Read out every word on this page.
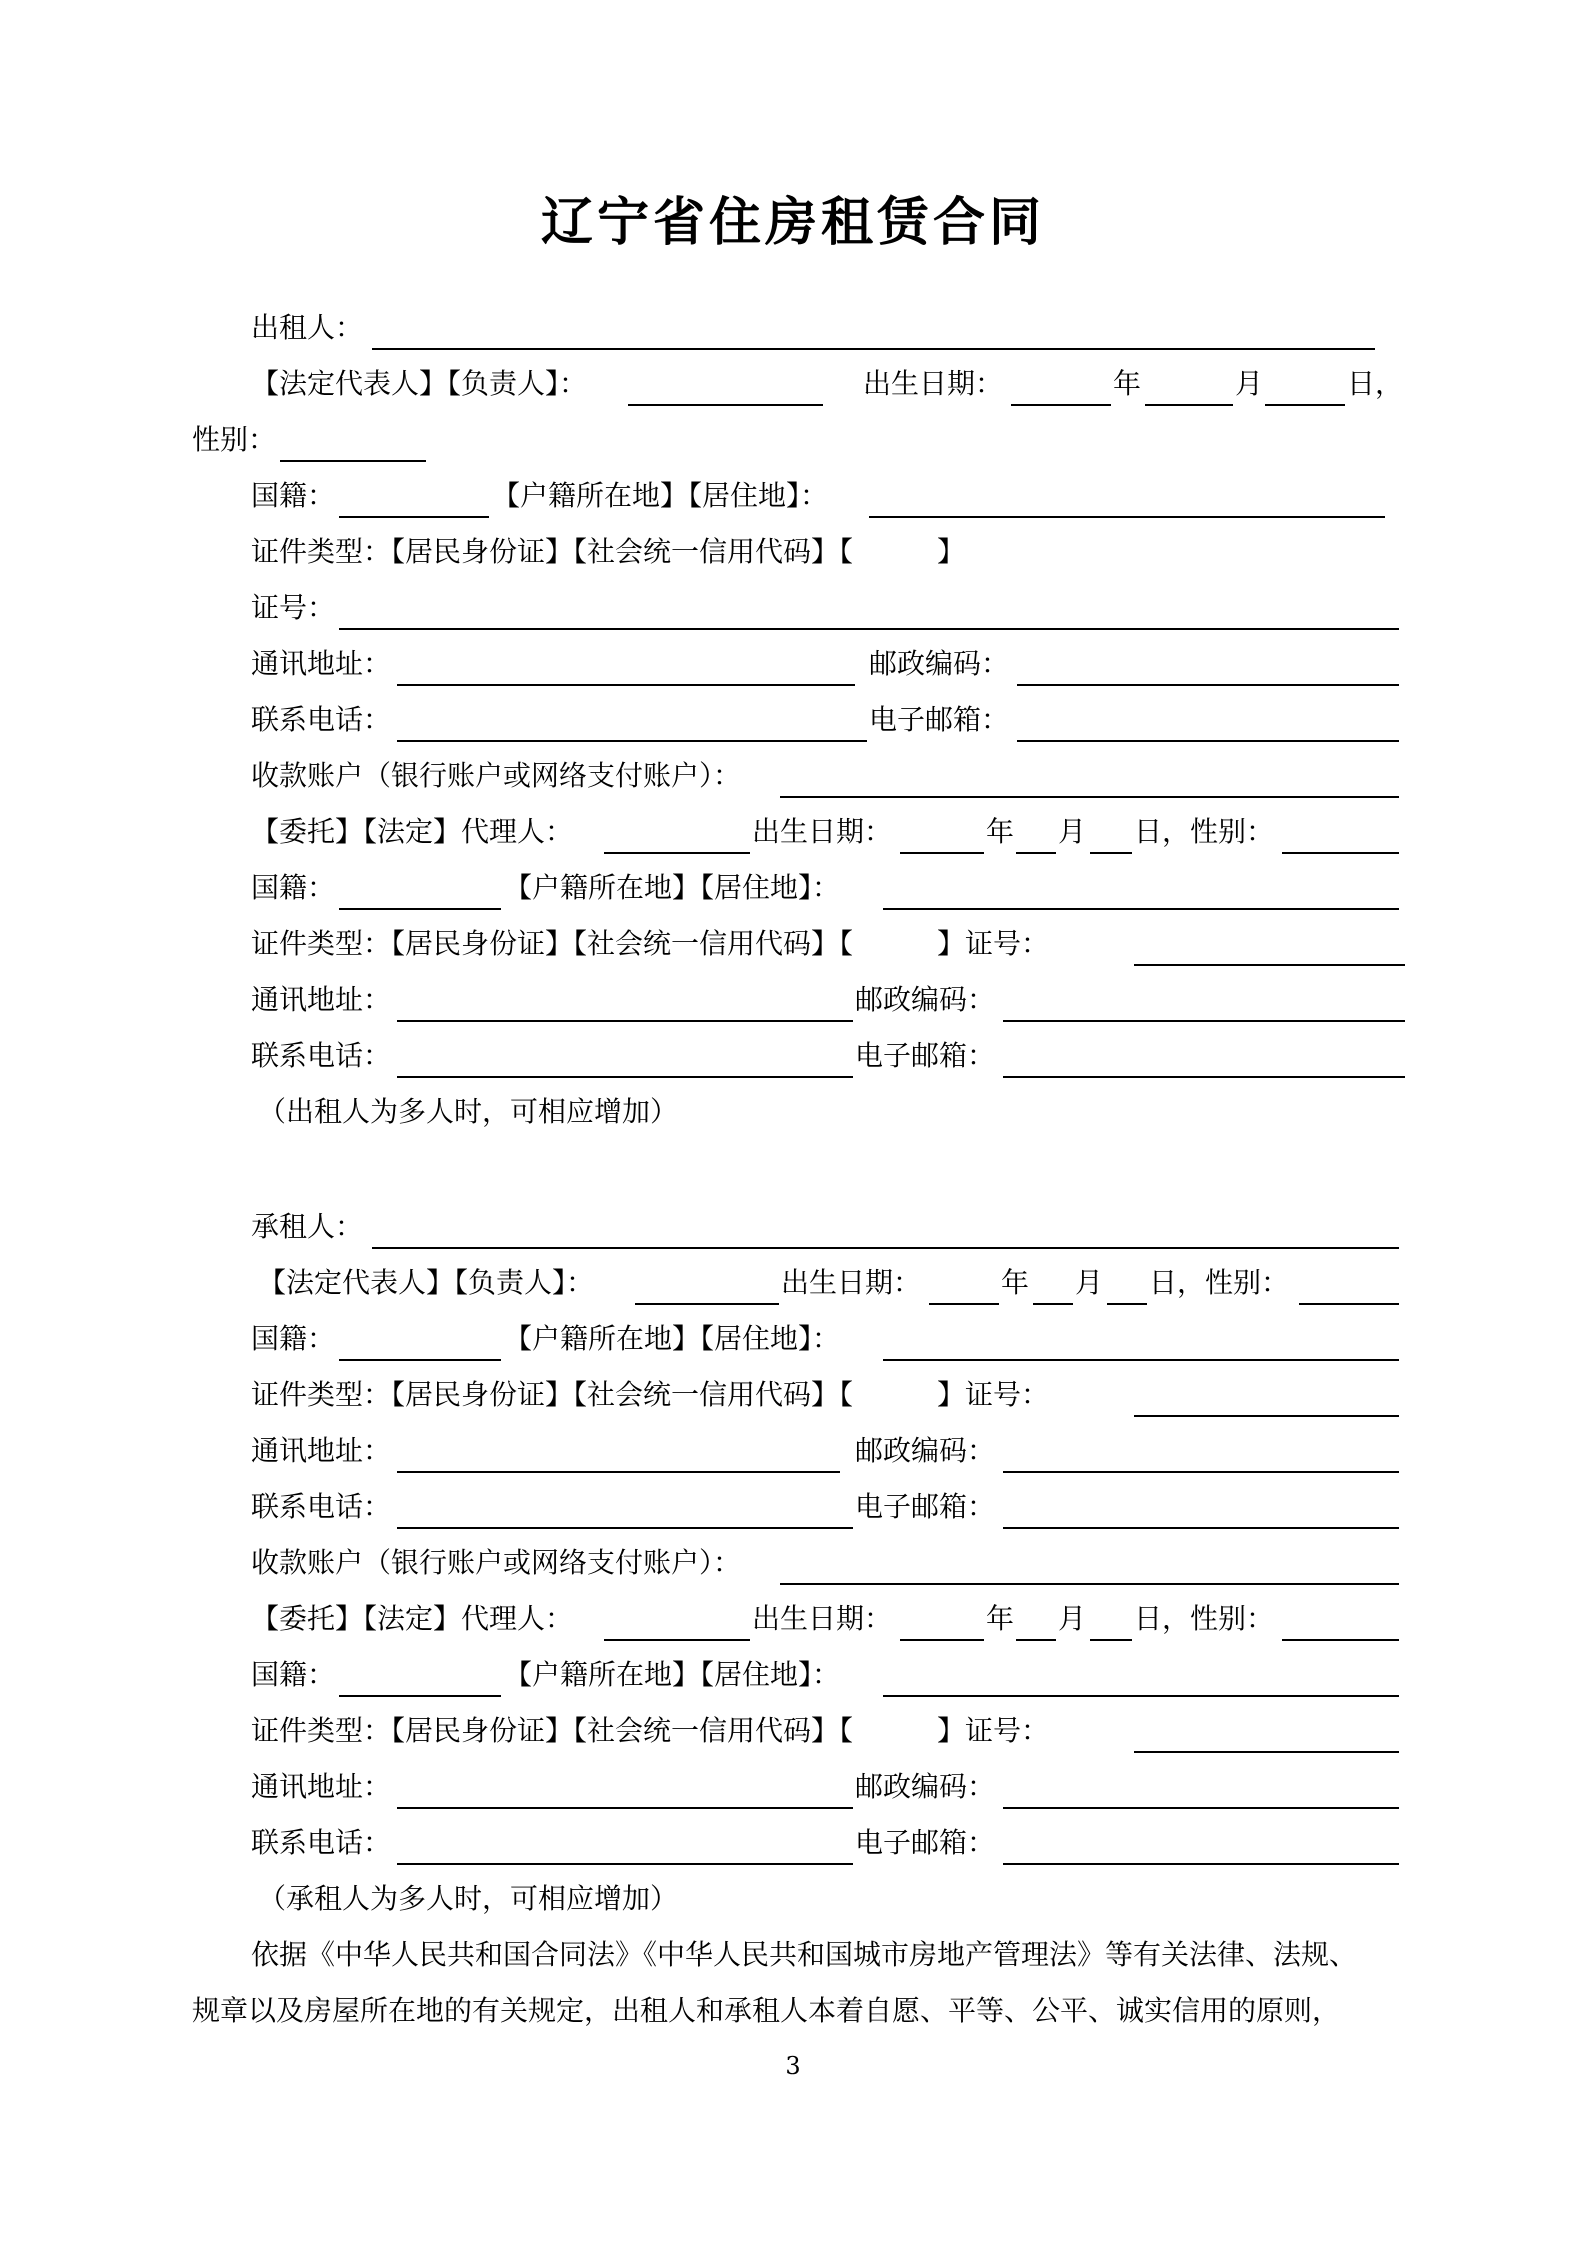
辽宁省住房租赁合同
出租人：
【法定代表人】【负责人】：	出生日期：	年	月	日，
性别：
国籍：	【户籍所在地】【居住地】：
证件类型：【居民身份证】【社会统一信用代码】【　　　】
证号：
通讯地址：	邮政编码：
联系电话：	电子邮箱：
收款账户（银行账户或网络支付账户）：
【委托】【法定】代理人：	出生日期：	年 月 日，性别：
国籍：	【户籍所在地】【居住地】：
证件类型：【居民身份证】【社会统一信用代码】【　　　】证号：
通讯地址：	邮政编码：
联系电话：	电子邮箱：
（出租人为多人时，可相应增加）
承租人：
【法定代表人】【负责人】：	出生日期：	年 月 日，性别：
国籍：	【户籍所在地】【居住地】：
证件类型：【居民身份证】【社会统一信用代码】【　　　】证号：
通讯地址：	邮政编码：
联系电话：	电子邮箱：
收款账户（银行账户或网络支付账户）：
【委托】【法定】代理人：	出生日期：	年 月 日，性别：
国籍：	【户籍所在地】【居住地】：
证件类型：【居民身份证】【社会统一信用代码】【　　　】证号：
通讯地址：	邮政编码：
联系电话：	电子邮箱：
（承租人为多人时，可相应增加）
依据《中华人民共和国合同法》《中华人民共和国城市房地产管理法》等有关法律、法规、
规章以及房屋所在地的有关规定，出租人和承租人本着自愿、平等、公平、诚实信用的原则，
3
